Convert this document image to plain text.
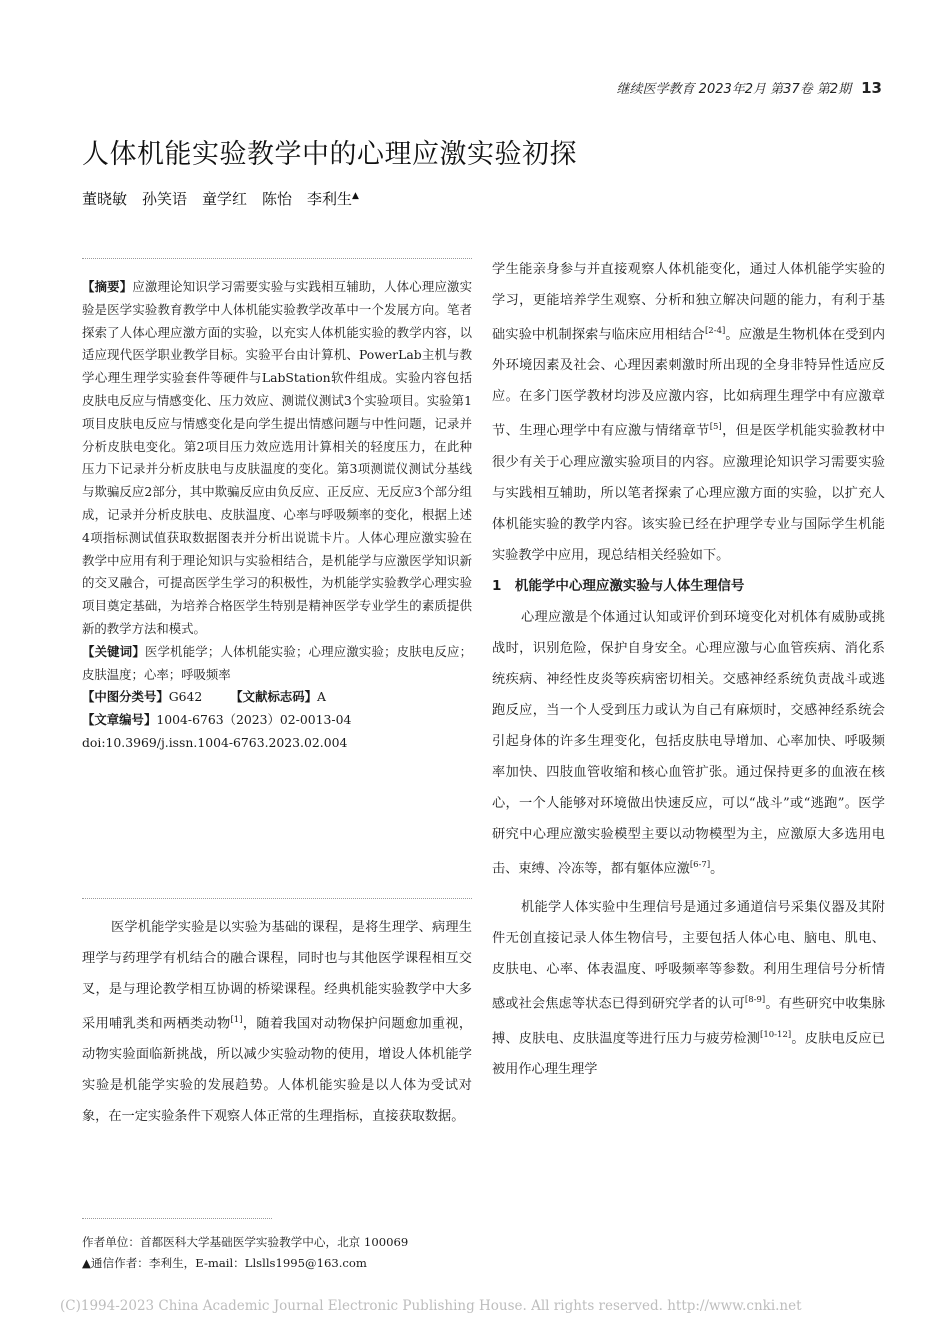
继续医学教育 2023年2月 第37卷 第2期 13
人体机能实验教学中的心理应激实验初探
董晓敏　孙笑语　童学红　陈怡　李利生▲

【摘要】应激理论知识学习需要实验与实践相互辅助，人体心理应激实验是医学实验教育教学中人体机能实验教学改革中一个发展方向。笔者探索了人体心理应激方面的实验，以充实人体机能实验的教学内容，以适应现代医学职业教学目标。实验平台由计算机、PowerLab主机与教学心理生理学实验套件等硬件与LabStation软件组成。实验内容包括皮肤电反应与情感变化、压力效应、测谎仪测试3个实验项目。实验第1项目皮肤电反应与情感变化是向学生提出情感问题与中性问题，记录并分析皮肤电变化。第2项目压力效应选用计算相关的轻度压力，在此种压力下记录并分析皮肤电与皮肤温度的变化。第3项测谎仪测试分基线与欺骗反应2部分，其中欺骗反应由负反应、正反应、无反应3个部分组成，记录并分析皮肤电、皮肤温度、心率与呼吸频率的变化，根据上述4项指标测试值获取数据图表并分析出说谎卡片。人体心理应激实验在教学中应用有利于理论知识与实验相结合，是机能学与应激医学知识新的交叉融合，可提高医学生学习的积极性，为机能学实验教学心理实验项目奠定基础，为培养合格医学生特别是精神医学专业学生的素质提供新的教学方法和模式。

【关键词】医学机能学；人体机能实验；心理应激实验；皮肤电反应；皮肤温度；心率；呼吸频率

【中图分类号】G642 【文献标志码】A

【文章编号】1004-6763（2023）02-0013-04

doi:10.3969/j.issn.1004-6763.2023.02.004

医学机能学实验是以实验为基础的课程，是将生理学、病理生理学与药理学有机结合的融合课程，同时也与其他医学课程相互交叉，是与理论教学相互协调的桥梁课程。经典机能实验教学中大多采用哺乳类和两栖类动物[1]，随着我国对动物保护问题愈加重视，动物实验面临新挑战，所以减少实验动物的使用，增设人体机能学实验是机能学实验的发展趋势。人体机能实验是以人体为受试对象，在一定实验条件下观察人体正常的生理指标，直接获取数据。

作者单位：首都医科大学基础医学实验教学中心，北京 100069

▲通信作者：李利生，E-mail：Llslls1995@163.com

学生能亲身参与并直接观察人体机能变化，通过人体机能学实验的学习，更能培养学生观察、分析和独立解决问题的能力，有利于基础实验中机制探索与临床应用相结合[2-4]。应激是生物机体在受到内外环境因素及社会、心理因素刺激时所出现的全身非特异性适应反应。在多门医学教材均涉及应激内容，比如病理生理学中有应激章节、生理心理学中有应激与情绪章节[5]，但是医学机能实验教材中很少有关于心理应激实验项目的内容。应激理论知识学习需要实验与实践相互辅助，所以笔者探索了心理应激方面的实验，以扩充人体机能实验的教学内容。该实验已经在护理学专业与国际学生机能实验教学中应用，现总结相关经验如下。

1　机能学中心理应激实验与人体生理信号

心理应激是个体通过认知或评价到环境变化对机体有威胁或挑战时，识别危险，保护自身安全。心理应激与心血管疾病、消化系统疾病、神经性皮炎等疾病密切相关。交感神经系统负责战斗或逃跑反应，当一个人受到压力或认为自己有麻烦时，交感神经系统会引起身体的许多生理变化，包括皮肤电导增加、心率加快、呼吸频率加快、四肢血管收缩和核心血管扩张。通过保持更多的血液在核心，一个人能够对环境做出快速反应，可以“战斗”或“逃跑”。医学研究中心理应激实验模型主要以动物模型为主，应激原大多选用电击、束缚、冷冻等，都有躯体应激[6-7]。

机能学人体实验中生理信号是通过多通道信号采集仪器及其附件无创直接记录人体生物信号，主要包括人体心电、脑电、肌电、皮肤电、心率、体表温度、呼吸频率等参数。利用生理信号分析情感或社会焦虑等状态已得到研究学者的认可[8-9]。有些研究中收集脉搏、皮肤电、皮肤温度等进行压力与疲劳检测[10-12]。皮肤电反应已被用作心理生理学

(C)1994-2023 China Academic Journal Electronic Publishing House. All rights reserved. http://www.cnki.net
